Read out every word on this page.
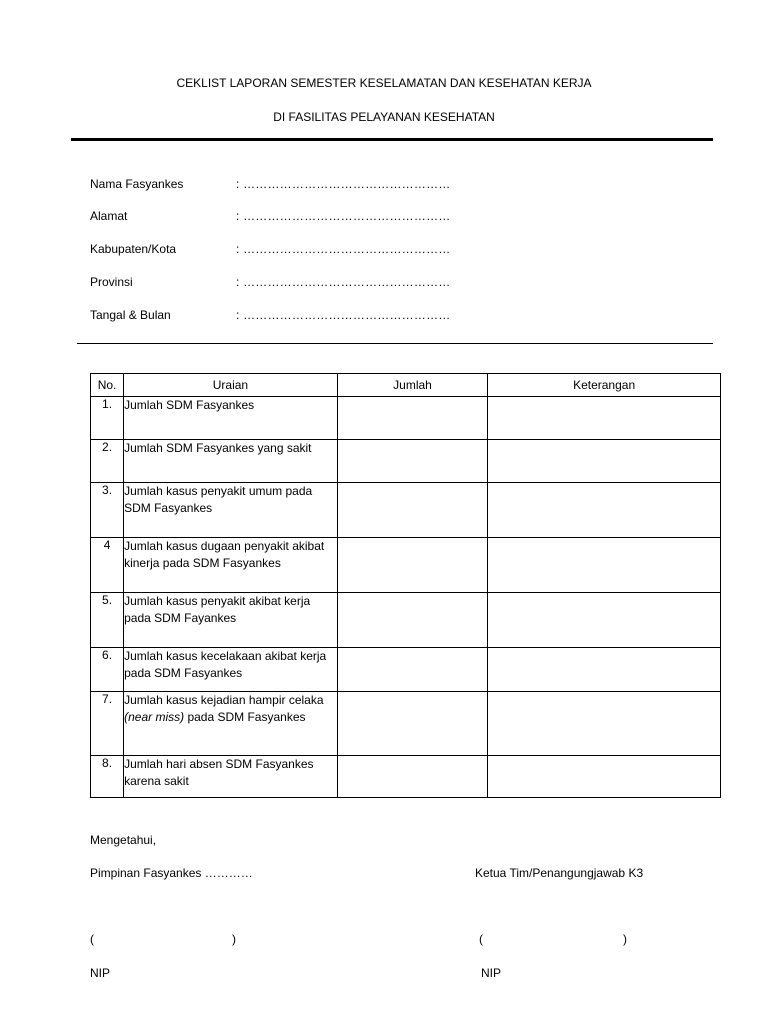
CEKLIST LAPORAN SEMESTER KESELAMATAN DAN KESEHATAN KERJA
DI FASILITAS PELAYANAN KESEHATAN
Nama Fasyankes	: ……………………………………………
Alamat	: ……………………………………………
Kabupaten/Kota	: ……………………………………………
Provinsi	: ……………………………………………
Tangal & Bulan	: ……………………………………………
No.	Uraian	Jumlah	Keterangan
1.	Jumlah SDM Fasyankes		
2.	Jumlah SDM Fasyankes yang sakit		
3.	Jumlah kasus penyakit umum pada SDM Fasyankes		
4	Jumlah kasus dugaan penyakit akibat kinerja pada SDM Fasyankes		
5.	Jumlah kasus penyakit akibat kerja pada SDM Fayankes		
6.	Jumlah kasus kecelakaan akibat kerja pada SDM Fasyankes		
7.	Jumlah kasus kejadian hampir celaka (near miss) pada SDM Fasyankes		
8.	Jumlah hari absen SDM Fasyankes karena sakit		
Mengetahui,
Pimpinan Fasyankes …………	Ketua Tim/Penangungjawab K3
(	)	(	)
NIP	NIP
